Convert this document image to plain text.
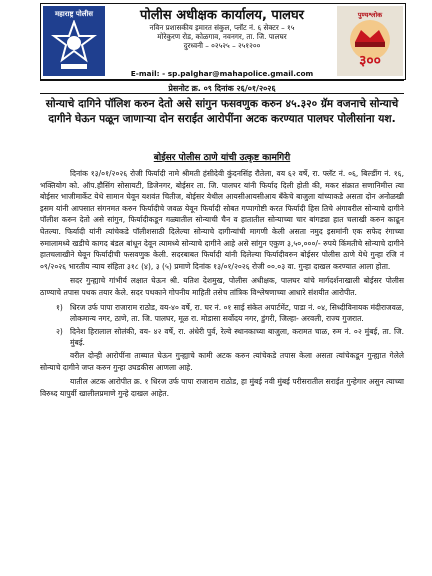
महाराष्ट्र पोलीस	पोलीस अधीक्षक कार्यालय, पालघर
नविन प्रशासकीय इमारत संकुल, प्लॉट नं. ६ सेक्टर – १५
मोरेकुरण रोड, कोळगाव, नवनगर, ता. जि. पालघर
दुरध्वनी – ०२५२५ – २५१२००
E-mail: - sp.palghar@mahapolice.gmail.com
पुण्यश्लोक
३००
प्रेसनोट क्र. ०९ दिनांक २६/०१/२०२६
सोन्याचे दागिने पॉलिश करुन देतो असे सांगुन फसवणुक करुन ४५.३२० ग्रॅम वजनाचे सोन्याचे दागीने घेऊन पळून जाणाऱ्या दोन सराईत आरोपींना अटक करण्यात पालघर पोलीसांना यश.
बोईसर पोलीस ठाणे यांची उत्कृष्ट कामगिरी

दिनांक १३/०१/२०२६ रोजी फिर्यादी नामे श्रीमती हंसीदेवी कुंदनसिंह रौतेला, वय ६२ वर्षे, रा. फ्लॅट नं. ०६, बिल्डींग नं. १६, भक्तियोग को. ऑप.हौसिंग सोसायटी, डिजेनगर, बोईसर ता. जि. पालघर यांनी फिर्याद दिली होती की, मकर संक्रात सणानिमीत्त त्या बोईसर भाजीमार्केट येथे सामान घेवून यशवंत चितीज, बोईसर येथील आयसीआयसीआय बँकेचे बाजुला यांच्याकडे असता दोन अनोळखी इसम यांनी आपसात संगनमत करुन फिर्यादीचे जवळ येवून फिर्यादी सोबत गप्पागोष्टी करत फिर्यादी हिस तिचे अंगावरील सोन्याचे दागीने पॉलीश करुन देतो असे सांगुन, फिर्यादीकडून गळ्यातील सोन्याची चैन व हातातील सोन्याच्या चार बांगड्या हात चलाखी करुन काढून घेतल्या. फिर्यादी यांनी त्यांचेकडे पॉलीशसाठी दिलेल्या सोन्याचे दागीन्यांची मागणी केली असता नमुद इसमांनी एक सफेद रंगाच्या रुमालामध्ये खडीचे कागद बंडल बांधून देवून त्यामध्ये सोन्याचे दागीने आहे असे सांगुन एकुण ३,५०,०००/- रुपये किंमतीचे सोन्याचे दागीने हातचलाखीने घेवून फिर्यादीची फसवणुक केली. सदरबाबत फिर्यादी यांनी दिलेल्या फिर्यादीवरुन बोईसर पोलीस ठाणे येथे गुन्हा रजि नं ०९/२०२६ भारतीय न्याय संहिता ३१८ (४), ३ (५) प्रमाणे दिनांक १३/०१/२०२६ रोजी ००.०३ वा. गुन्हा दाखल करण्यात आला होता.

सदर गुन्ह्याचे गांभीर्य लक्षात घेऊन श्री. यतिश देशमुख, पोलीस अधीक्षक, पालघर यांचे मार्गदर्शनाखाली बोईसर पोलीस ठाण्याचे तपास पथक तयार केले. सदर पथकाने गोपनीय माहिती तसेच तांत्रिक विश्लेषणाच्या आधारे संशयीत आरोपीत.

१) धिरज उर्फ पापा राजाराम राठोड, वय-४० वर्षे, रा. घर नं. ०१ साई संकेत अपार्टमेंट, पाडा नं. ०४, सिध्दीविनायक मंदीराजवळ, लोकमान्य नगर, ठाणे, ता. जि. पालघर, मूळ रा. मोडासा सर्वोदय नगर, डुंगरी, जिल्हा- अरवली, राज्य गुजरात.
२) दिनेश हिरालाल सोलंकी, वय- ४२ वर्षे, रा. अंधेरी पुर्व, रेल्वे स्थानकाच्या बाजुला, करामत चाळ, रुम नं. ०२ मुंबई, ता. जि. मुंबई.

वरील दोन्ही आरोपींना ताब्यात घेऊन गुन्ह्याचे कामी अटक करुन त्यांचेकडे तपास केला असता त्यांचेकडून गुन्ह्यात गेलेले सोन्याचे दागीने जप्त करुन गुन्हा उघडकीस आणला आहे.

यातील अटक आरोपीत क्र. १ धिरज उर्फ पापा राजाराम राठोड, हा मुंबई नवी मुंबई परीसरातील सराईत गुन्हेगार असुन त्याच्या विरुध्द यापुर्वी खालीलप्रमाणे गुन्हे दाखल आहेत.
